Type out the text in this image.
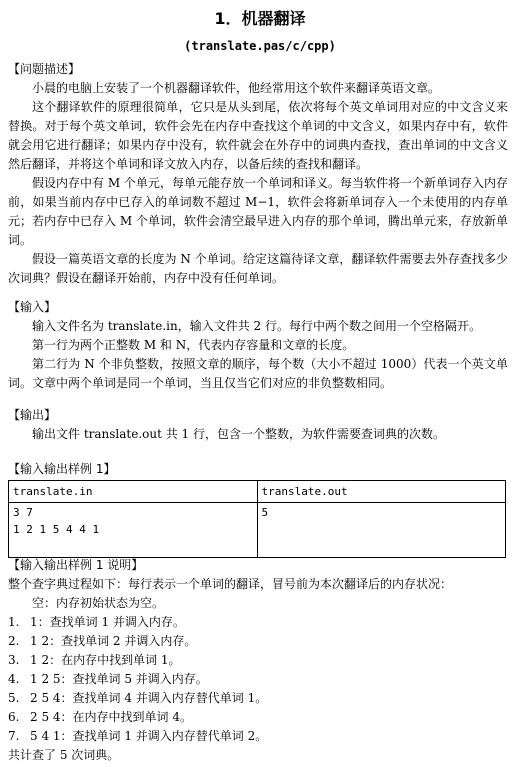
1．机器翻译
(translate.pas/c/cpp)
【问题描述】

小晨的电脑上安装了一个机器翻译软件，他经常用这个软件来翻译英语文章。

这个翻译软件的原理很简单，它只是从头到尾，依次将每个英文单词用对应的中文含义来替换。对于每个英文单词，软件会先在内存中查找这个单词的中文含义，如果内存中有，软件就会用它进行翻译；如果内存中没有，软件就会在外存中的词典内查找，查出单词的中文含义然后翻译，并将这个单词和译文放入内存，以备后续的查找和翻译。

假设内存中有 M 个单元，每单元能存放一个单词和译义。每当软件将一个新单词存入内存前，如果当前内存中已存入的单词数不超过 M−1，软件会将新单词存入一个未使用的内存单元；若内存中已存入 M 个单词，软件会清空最早进入内存的那个单词，腾出单元来，存放新单词。

假设一篇英语文章的长度为 N 个单词。给定这篇待译文章，翻译软件需要去外存查找多少次词典？假设在翻译开始前，内存中没有任何单词。

【输入】

输入文件名为 translate.in，输入文件共 2 行。每行中两个数之间用一个空格隔开。

第一行为两个正整数 M 和 N，代表内存容量和文章的长度。

第二行为 N 个非负整数，按照文章的顺序，每个数（大小不超过 1000）代表一个英文单词。文章中两个单词是同一个单词，当且仅当它们对应的非负整数相同。

【输出】

输出文件 translate.out 共 1 行，包含一个整数，为软件需要查词典的次数。

【输入输出样例 1】
translate.in	translate.out

3 7
1 2 1 5 4 4 1	5
【输入输出样例 1 说明】

整个查字典过程如下：每行表示一个单词的翻译，冒号前为本次翻译后的内存状况：

空：内存初始状态为空。

1. 1：查找单词 1 并调入内存。
2. 1 2：查找单词 2 并调入内存。
3. 1 2：在内存中找到单词 1。
4. 1 2 5：查找单词 5 并调入内存。
5. 2 5 4：查找单词 4 并调入内存替代单词 1。
6. 2 5 4：在内存中找到单词 4。
7. 5 4 1：查找单词 1 并调入内存替代单词 2。

共计查了 5 次词典。
